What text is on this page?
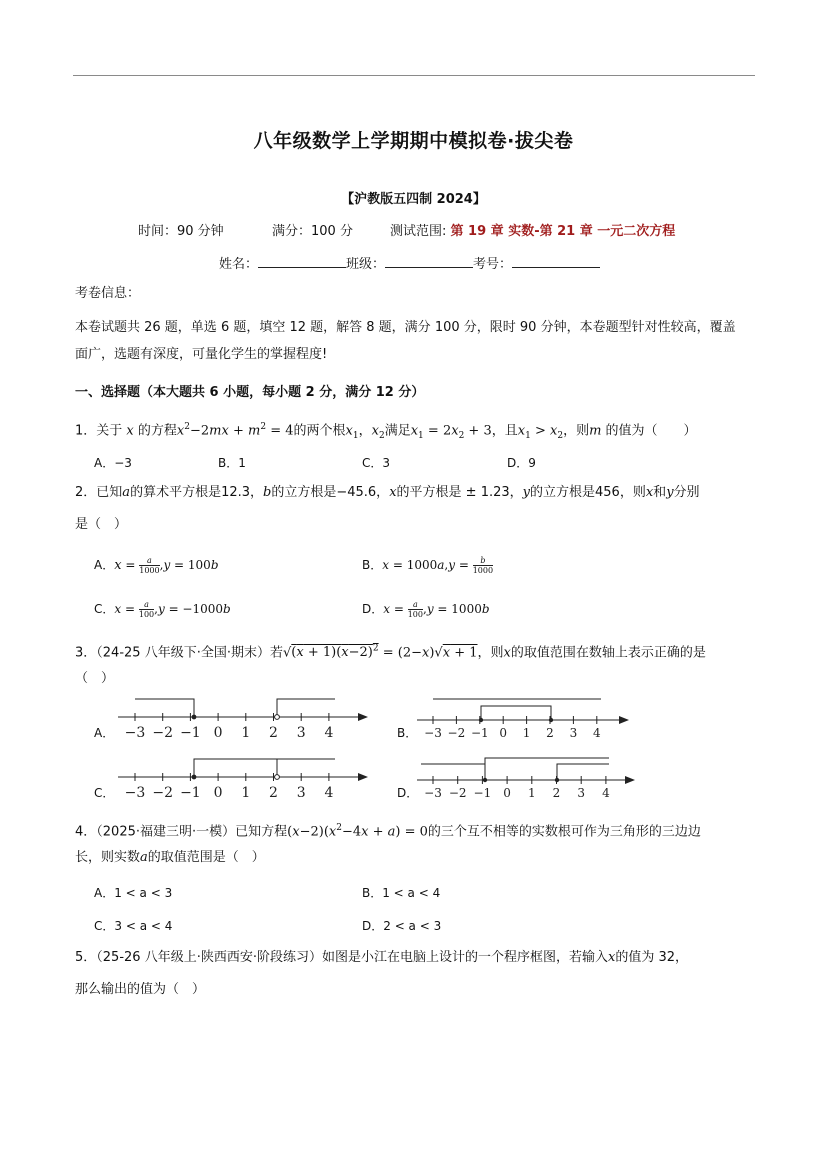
八年级数学上学期期中模拟卷·拔尖卷
【沪教版五四制 2024】
时间：90 分钟	满分：100 分	测试范围: 第 19 章 实数-第 21 章 一元二次方程
姓名：	班级：	考号：
考卷信息：
本卷试题共 26 题，单选 6 题，填空 12 题，解答 8 题，满分 100 分，限时 90 分钟，本卷题型针对性较高，覆盖
面广，选题有深度，可量化学生的掌握程度!
一、选择题（本大题共 6 小题，每小题 2 分，满分 12 分）
1．关于 x 的方程$x^2-2mx + m^2 = 4$的两个根$x_1$，$x_2$满足$x_1 = 2x_2 + 3$，且$x_1 > x_2$，则m 的值为（　　）
A．−3	B．1	C．3	D．9
2．已知a的算术平方根是12.3，b的立方根是−45.6，x的平方根是 ± 1.23，y的立方根是456，则x和y分别
是（　）
A．$x = \frac{a}{1000} ,y = 100b$	B．$x = 1000a,y = \frac{b}{1000}$
C．$x = \frac{a}{100} ,y = -1000b$	D．$x = \frac{a}{100} ,y = 1000b$
3．（24-25 八年级下·全国·期末）若$√(x + 1)(x-2)^2 = (2-x)√x + 1$，则x的取值范围在数轴上表示正确的是
（　）
A．	B．
C．	D．
−3 −2 −1 0 1 2 3 4	−3 −2 −1 0 1 2 3 4
−3 −2 −1 0 1 2 3 4	−3 −2 −1 0 1 2 3 4
4．（2025·福建三明·一模）已知方程$(x-2)(x^2-4x + a) = 0$的三个互不相等的实数根可作为三角形的三边边
长，则实数a的取值范围是（　）
A．1 < a < 3	B．1 < a < 4
C．3 < a < 4	D．2 < a < 3
5．（25-26 八年级上·陕西西安·阶段练习）如图是小江在电脑上设计的一个程序框图，若输入x的值为 32，
那么输出的值为（　）
